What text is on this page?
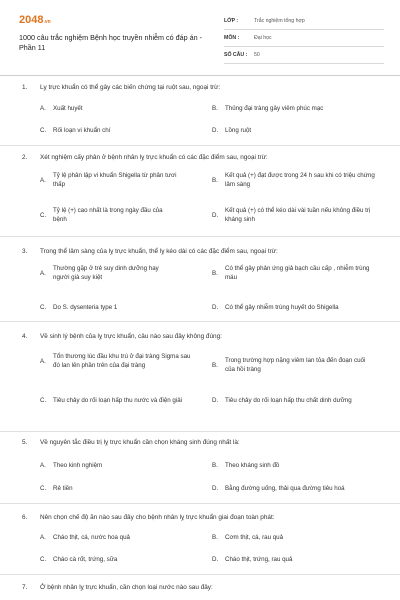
2048.vn
1000 câu trắc nghiệm Bệnh học truyền nhiễm có đáp án - Phần 11
LỚP :	Trắc nghiệm tổng hợp
MÔN :	Đại học
SỐ CÂU :	50
1. Lỵ trực khuẩn có thể gây các biến chứng tại ruột sau, ngoại trừ:
A.	Xuất huyết	B.	Thủng đại tràng gây viêm phúc mạc
C.	Rối loạn vi khuẩn chí	D.	Lồng ruột
2. Xét nghiệm cấy phân ở bệnh nhân lỵ trực khuẩn có các đặc điểm sau, ngoại trừ:
A.
Tỷ lệ phân lập vi khuẩn Shigella từ phân tươi thấp
B.
Kết quả (+) đạt được trong 24 h sau khi có triệu chứng lâm sàng
C.
Tỷ lệ (+) cao nhất là trong ngày đầu của bệnh
D.
Kết quả (+) có thể kéo dài vài tuần nếu không điều trị kháng sinh
3. Trong thể lâm sàng của lỵ trực khuẩn, thể lỵ kéo dài có các đặc điểm sau, ngoại trừ:
A.
Thường gặp ở trẻ suy dinh dưỡng hay người già suy kiệt
B.
Có thể gây phản ứng giả bạch cầu cấp , nhiễm trùng máu
C.	Do S. dysenteria type 1	D.	Có thể gây nhiễm trùng huyết do Shigella
4. Về sinh lý bệnh của lỵ trực khuẩn, câu nào sau đây không đúng:
A.
Tổn thương lúc đầu khu trú ở đại tràng Sigma sau đó lan lên phần trên của đại tràng	B.
Trong trường hợp nặng viêm lan tỏa đến đoạn cuối của hồi tràng
C.	Tiêu chảy do rối loạn hấp thu nước và điện giải	D.	Tiêu chảy do rối loạn hấp thu chất dinh dưỡng
5. Về nguyên tắc điều trị lỵ trực khuẩn cần chọn kháng sinh đúng nhất là:
A.	Theo kinh nghiệm	B.	Theo kháng sinh đồ
C.	Rẻ tiền	D.	Bằng đường uống, thải qua đường tiêu hoá
6. Nên chọn chế độ ăn nào sau đây cho bệnh nhân lỵ trực khuẩn giai đoạn toàn phát:
A.	Cháo thịt, cá, nước hoa quả	B.	Cơm thịt, cá, rau quả
C.	Cháo cà rốt, trứng, sữa	D.	Cháo thịt, trứng, rau quả
7. Ở bệnh nhân lỵ trực khuẩn, cần chọn loại nước nào sau đây:
